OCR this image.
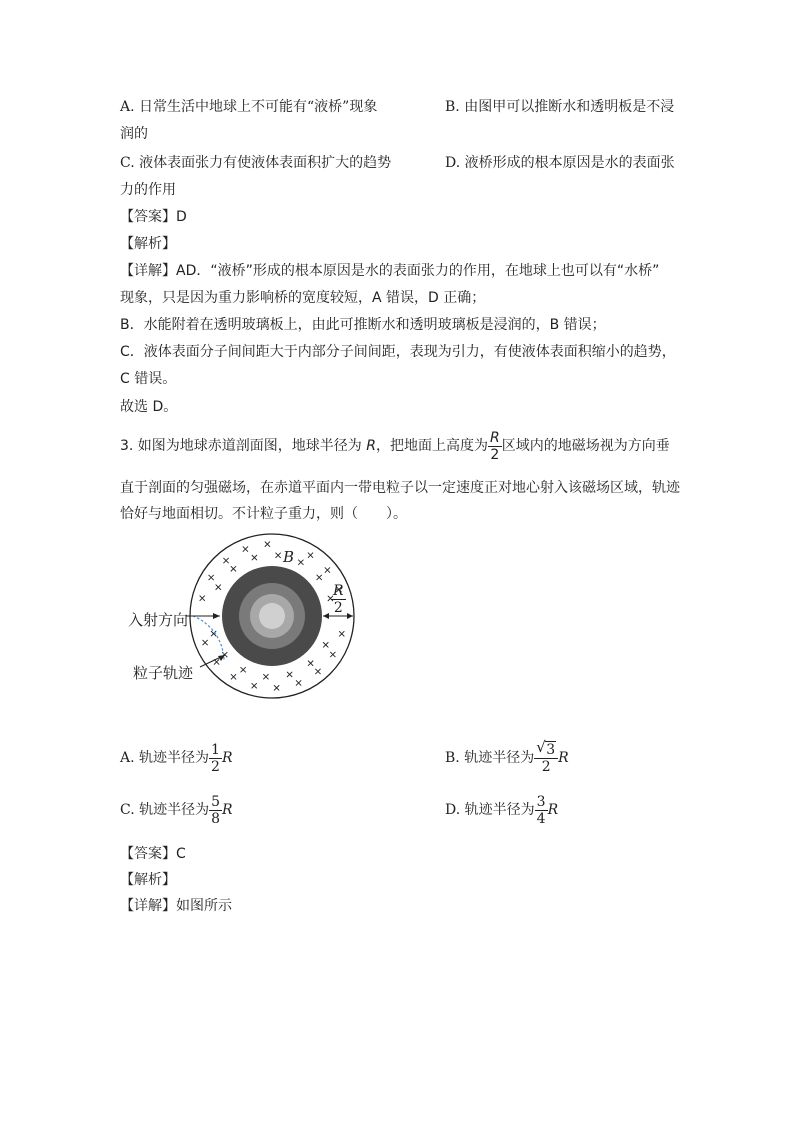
A. 日常生活中地球上不可能有“液桥”现象	B. 由图甲可以推断水和透明板是不浸
润的
C. 液体表面张力有使液体表面积扩大的趋势	D. 液桥形成的根本原因是水的表面张
力的作用
【答案】D
【解析】
【详解】AD．“液桥”形成的根本原因是水的表面张力的作用，在地球上也可以有“水桥”
现象，只是因为重力影响桥的宽度较短，A 错误，D 正确；
B．水能附着在透明玻璃板上，由此可推断水和透明玻璃板是浸润的，B 错误；
C．液体表面分子间间距大于内部分子间间距，表现为引力，有使液体表面积缩小的趋势，
C 错误。
故选 D。
3. 如图为地球赤道剖面图，地球半径为 R，把地面上高度为 $\frac{R}{2}$ 区域内的地磁场视为方向垂
直于剖面的匀强磁场，在赤道平面内一带电粒子以一定速度正对地心射入该磁场区域，轨迹
恰好与地面相切。不计粒子重力，则（　　）。
B
$\frac{R}{2}$
入射方向
粒子轨迹
A. 轨迹半径为 $\frac{1}{2}$ R	B. 轨迹半径为 $\frac{√ 3}{2}$ R
C. 轨迹半径为 $\frac{5}{8}$ R	D. 轨迹半径为 $\frac{3}{4}$ R
【答案】C
【解析】
【详解】如图所示
